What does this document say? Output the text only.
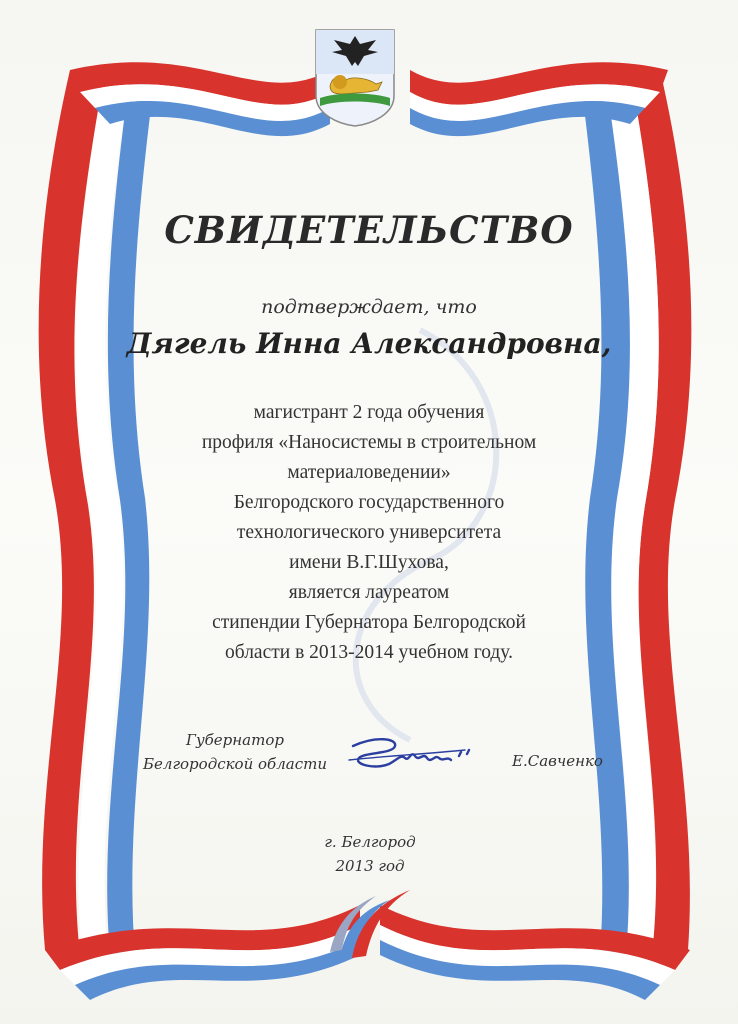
СВИДЕТЕЛЬСТВО
подтверждает, что
Дягель Инна Александровна,
магистрант 2 года обучения
профиля «Наносистемы в строительном
материаловедении»
Белгородского государственного
технологического университета
имени В.Г.Шухова,
является лауреатом
стипендии Губернатора Белгородской
области в 2013-2014 учебном году.
Губернатор
Белгородской области	Е.Савченко
г. Белгород
2013 год
